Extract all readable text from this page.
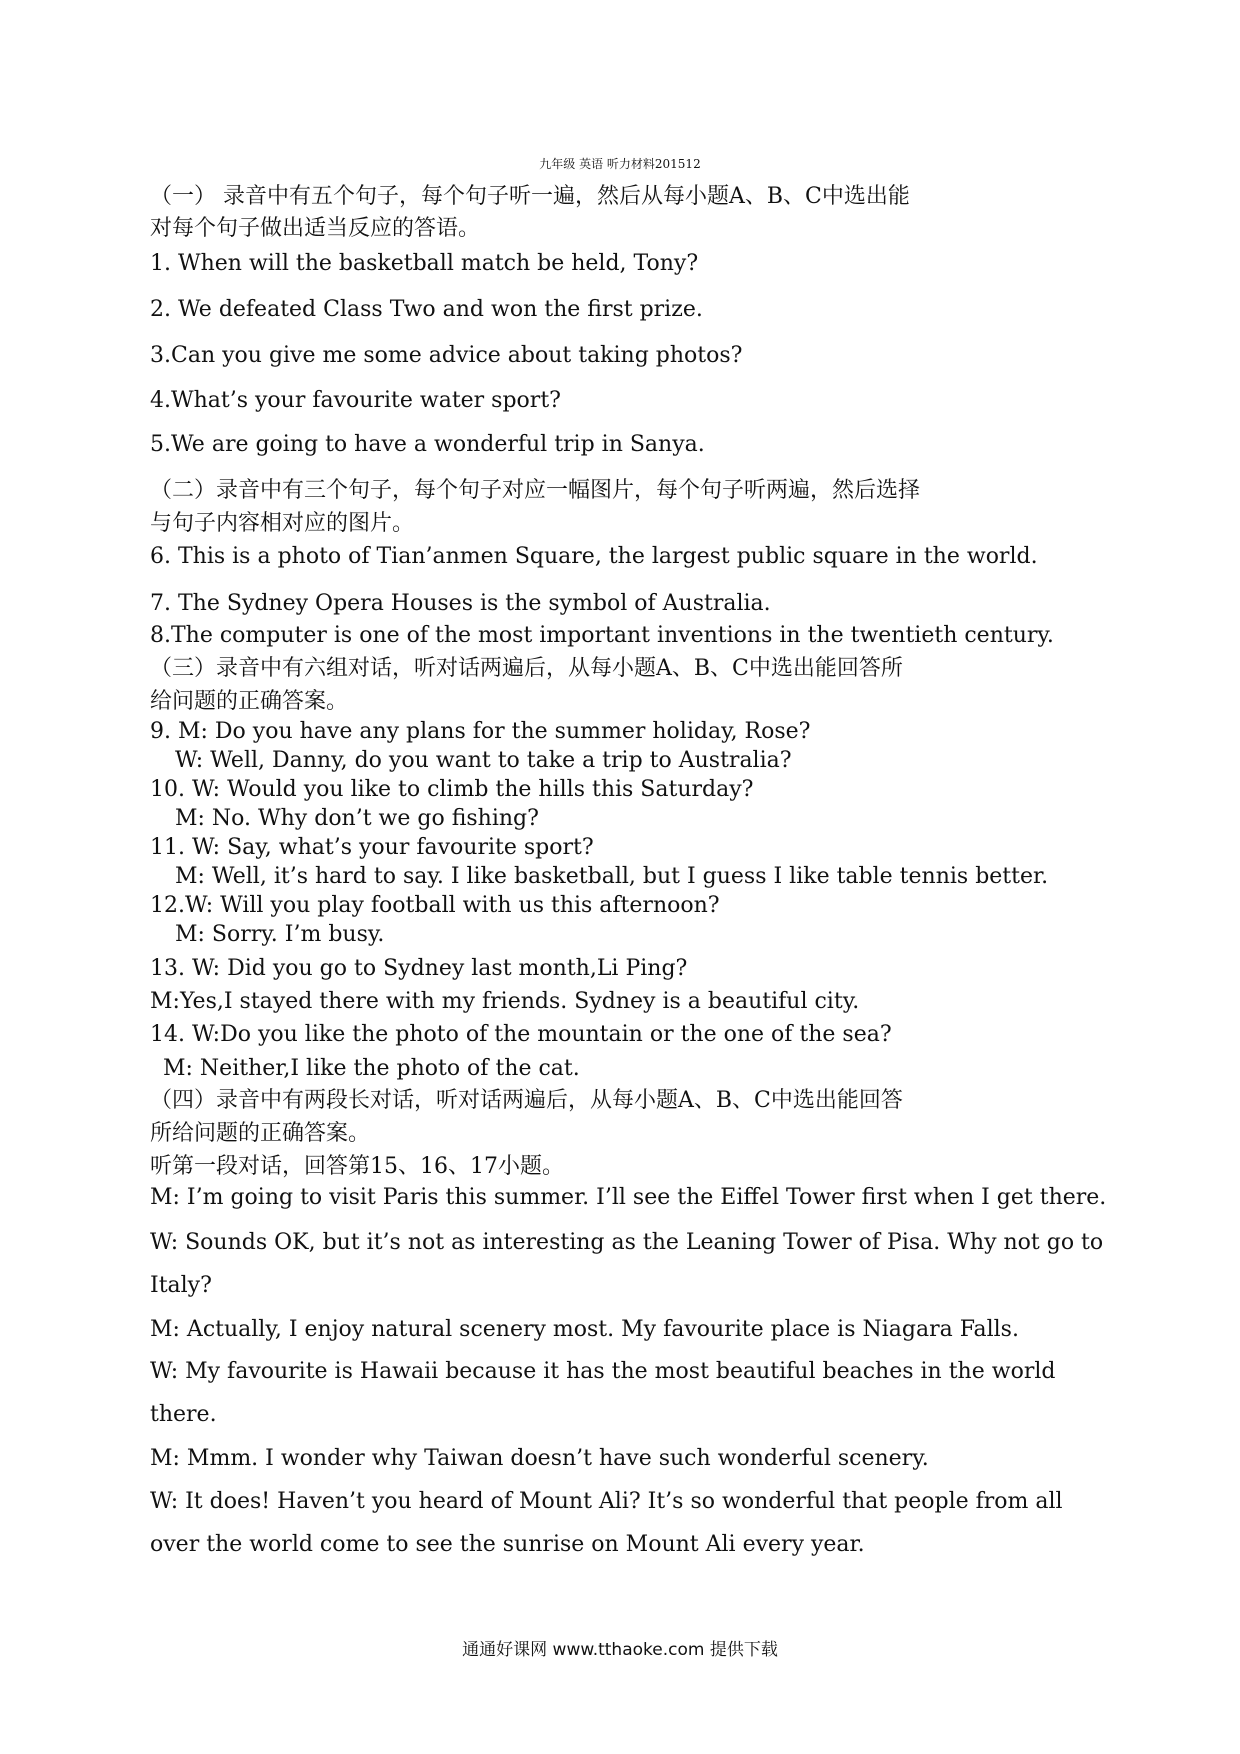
九年级 英语 听力材料201512
（一） 录音中有五个句子，每个句子听一遍，然后从每小题A、B、C中选出能
对每个句子做出适当反应的答语。
1. When will the basketball match be held, Tony?
2. We defeated Class Two and won the first prize.
3.Can you give me some advice about taking photos?
4.What’s your favourite water sport?
5.We are going to have a wonderful trip in Sanya.
（二）录音中有三个句子，每个句子对应一幅图片，每个句子听两遍，然后选择
与句子内容相对应的图片。
6. This is a photo of Tian’anmen Square, the largest public square in the world.
7. The Sydney Opera Houses is the symbol of Australia.
8.The computer is one of the most important inventions in the twentieth century.
（三）录音中有六组对话，听对话两遍后，从每小题A、B、C中选出能回答所
给问题的正确答案。
9. M: Do you have any plans for the summer holiday, Rose?
W: Well, Danny, do you want to take a trip to Australia?
10. W: Would you like to climb the hills this Saturday?
M: No. Why don’t we go fishing?
11. W: Say, what’s your favourite sport?
M: Well, it’s hard to say. I like basketball, but I guess I like table tennis better.
12.W: Will you play football with us this afternoon?
M: Sorry. I’m busy.
13. W: Did you go to Sydney last month,Li Ping?
M:Yes,I stayed there with my friends. Sydney is a beautiful city.
14. W:Do you like the photo of the mountain or the one of the sea?
M: Neither,I like the photo of the cat.
（四）录音中有两段长对话，听对话两遍后，从每小题A、B、C中选出能回答
所给问题的正确答案。
听第一段对话，回答第15、16、17小题。
M: I’m going to visit Paris this summer. I’ll see the Eiffel Tower first when I get there.
W: Sounds OK, but it’s not as interesting as the Leaning Tower of Pisa. Why not go to
Italy?
M: Actually, I enjoy natural scenery most. My favourite place is Niagara Falls.
W: My favourite is Hawaii because it has the most beautiful beaches in the world
there.
M: Mmm. I wonder why Taiwan doesn’t have such wonderful scenery.
W: It does! Haven’t you heard of Mount Ali? It’s so wonderful that people from all
over the world come to see the sunrise on Mount Ali every year.
通通好课网 www.tthaoke.com 提供下载
